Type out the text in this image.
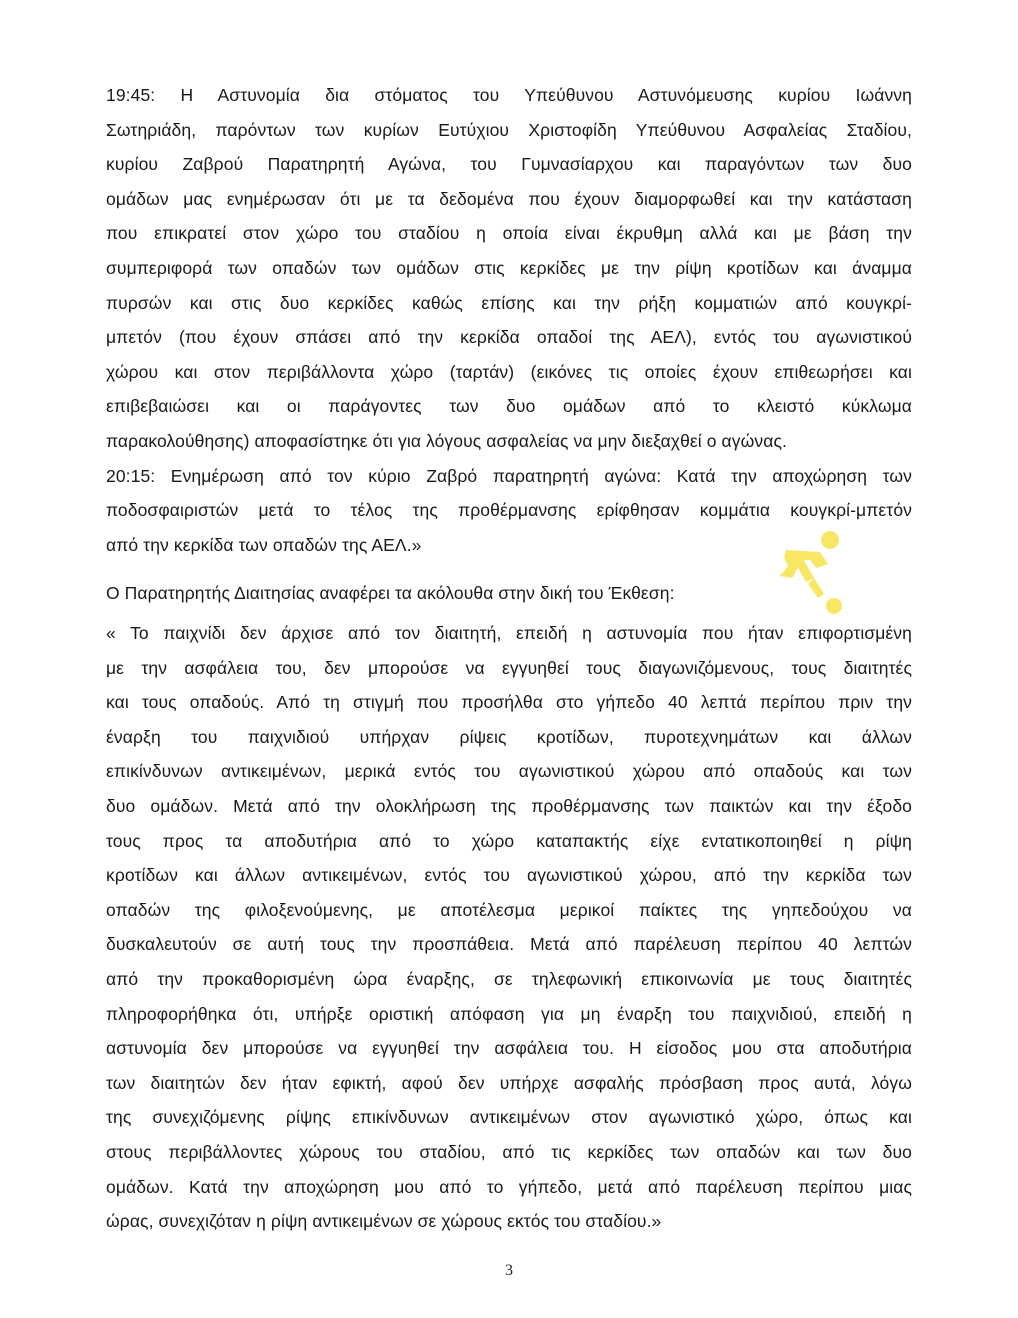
19:45: Η Αστυνομία δια στόματος του Υπεύθυνου Αστυνόμευσης κυρίου Ιωάννη
Σωτηριάδη, παρόντων των κυρίων Ευτύχιου Χριστοφίδη Υπεύθυνου Ασφαλείας Σταδίου,
κυρίου Ζαβρού Παρατηρητή Αγώνα, του Γυμνασίαρχου και παραγόντων των δυο
ομάδων μας ενημέρωσαν ότι με τα δεδομένα που έχουν διαμορφωθεί και την κατάσταση
που επικρατεί στον χώρο του σταδίου η οποία είναι έκρυθμη αλλά και με βάση την
συμπεριφορά των οπαδών των ομάδων στις κερκίδες με την ρίψη κροτίδων και άναμμα
πυρσών και στις δυο κερκίδες καθώς επίσης και την ρήξη κομματιών από κουγκρί-
μπετόν (που έχουν σπάσει από την κερκίδα οπαδοί της ΑΕΛ), εντός του αγωνιστικού
χώρου και στον περιβάλλοντα χώρο (ταρτάν) (εικόνες τις οποίες έχουν επιθεωρήσει και
επιβεβαιώσει και οι παράγοντες των δυο ομάδων από το κλειστό κύκλωμα
παρακολούθησης) αποφασίστηκε ότι για λόγους ασφαλείας να μην διεξαχθεί ο αγώνας.
20:15: Ενημέρωση από τον κύριο Ζαβρό παρατηρητή αγώνα: Κατά την αποχώρηση των
ποδοσφαιριστών μετά το τέλος της προθέρμανσης ερίφθησαν κομμάτια κουγκρί-μπετόν
από την κερκίδα των οπαδών της ΑΕΛ.»
Ο Παρατηρητής Διαιτησίας αναφέρει τα ακόλουθα στην δική του Έκθεση:
« Το παιχνίδι δεν άρχισε από τον διαιτητή, επειδή η αστυνομία που ήταν επιφορτισμένη
με την ασφάλεια του, δεν μπορούσε να εγγυηθεί τους διαγωνιζόμενους, τους διαιτητές
και τους οπαδούς. Από τη στιγμή που προσήλθα στο γήπεδο 40 λεπτά περίπου πριν την
έναρξη του παιχνιδιού υπήρχαν ρίψεις κροτίδων, πυροτεχνημάτων και άλλων
επικίνδυνων αντικειμένων, μερικά εντός του αγωνιστικού χώρου από οπαδούς και των
δυο ομάδων. Μετά από την ολοκλήρωση της προθέρμανσης των παικτών και την έξοδο
τους προς τα αποδυτήρια από το χώρο καταπακτής είχε εντατικοποιηθεί η ρίψη
κροτίδων και άλλων αντικειμένων, εντός του αγωνιστικού χώρου, από την κερκίδα των
οπαδών της φιλοξενούμενης, με αποτέλεσμα μερικοί παίκτες της γηπεδούχου να
δυσκαλευτούν σε αυτή τους την προσπάθεια. Μετά από παρέλευση περίπου 40 λεπτών
από την προκαθορισμένη ώρα έναρξης, σε τηλεφωνική επικοινωνία με τους διαιτητές
πληροφορήθηκα ότι, υπήρξε οριστική απόφαση για μη έναρξη του παιχνιδιού, επειδή η
αστυνομία δεν μπορούσε να εγγυηθεί την ασφάλεια του. Η είσοδος μου στα αποδυτήρια
των διαιτητών δεν ήταν εφικτή, αφού δεν υπήρχε ασφαλής πρόσβαση προς αυτά, λόγω
της συνεχιζόμενης ρίψης επικίνδυνων αντικειμένων στον αγωνιστικό χώρο, όπως και
στους περιβάλλοντες χώρους του σταδίου, από τις κερκίδες των οπαδών και των δυο
ομάδων. Κατά την αποχώρηση μου από το γήπεδο, μετά από παρέλευση περίπου μιας
ώρας, συνεχιζόταν η ρίψη αντικειμένων σε χώρους εκτός του σταδίου.»
3
